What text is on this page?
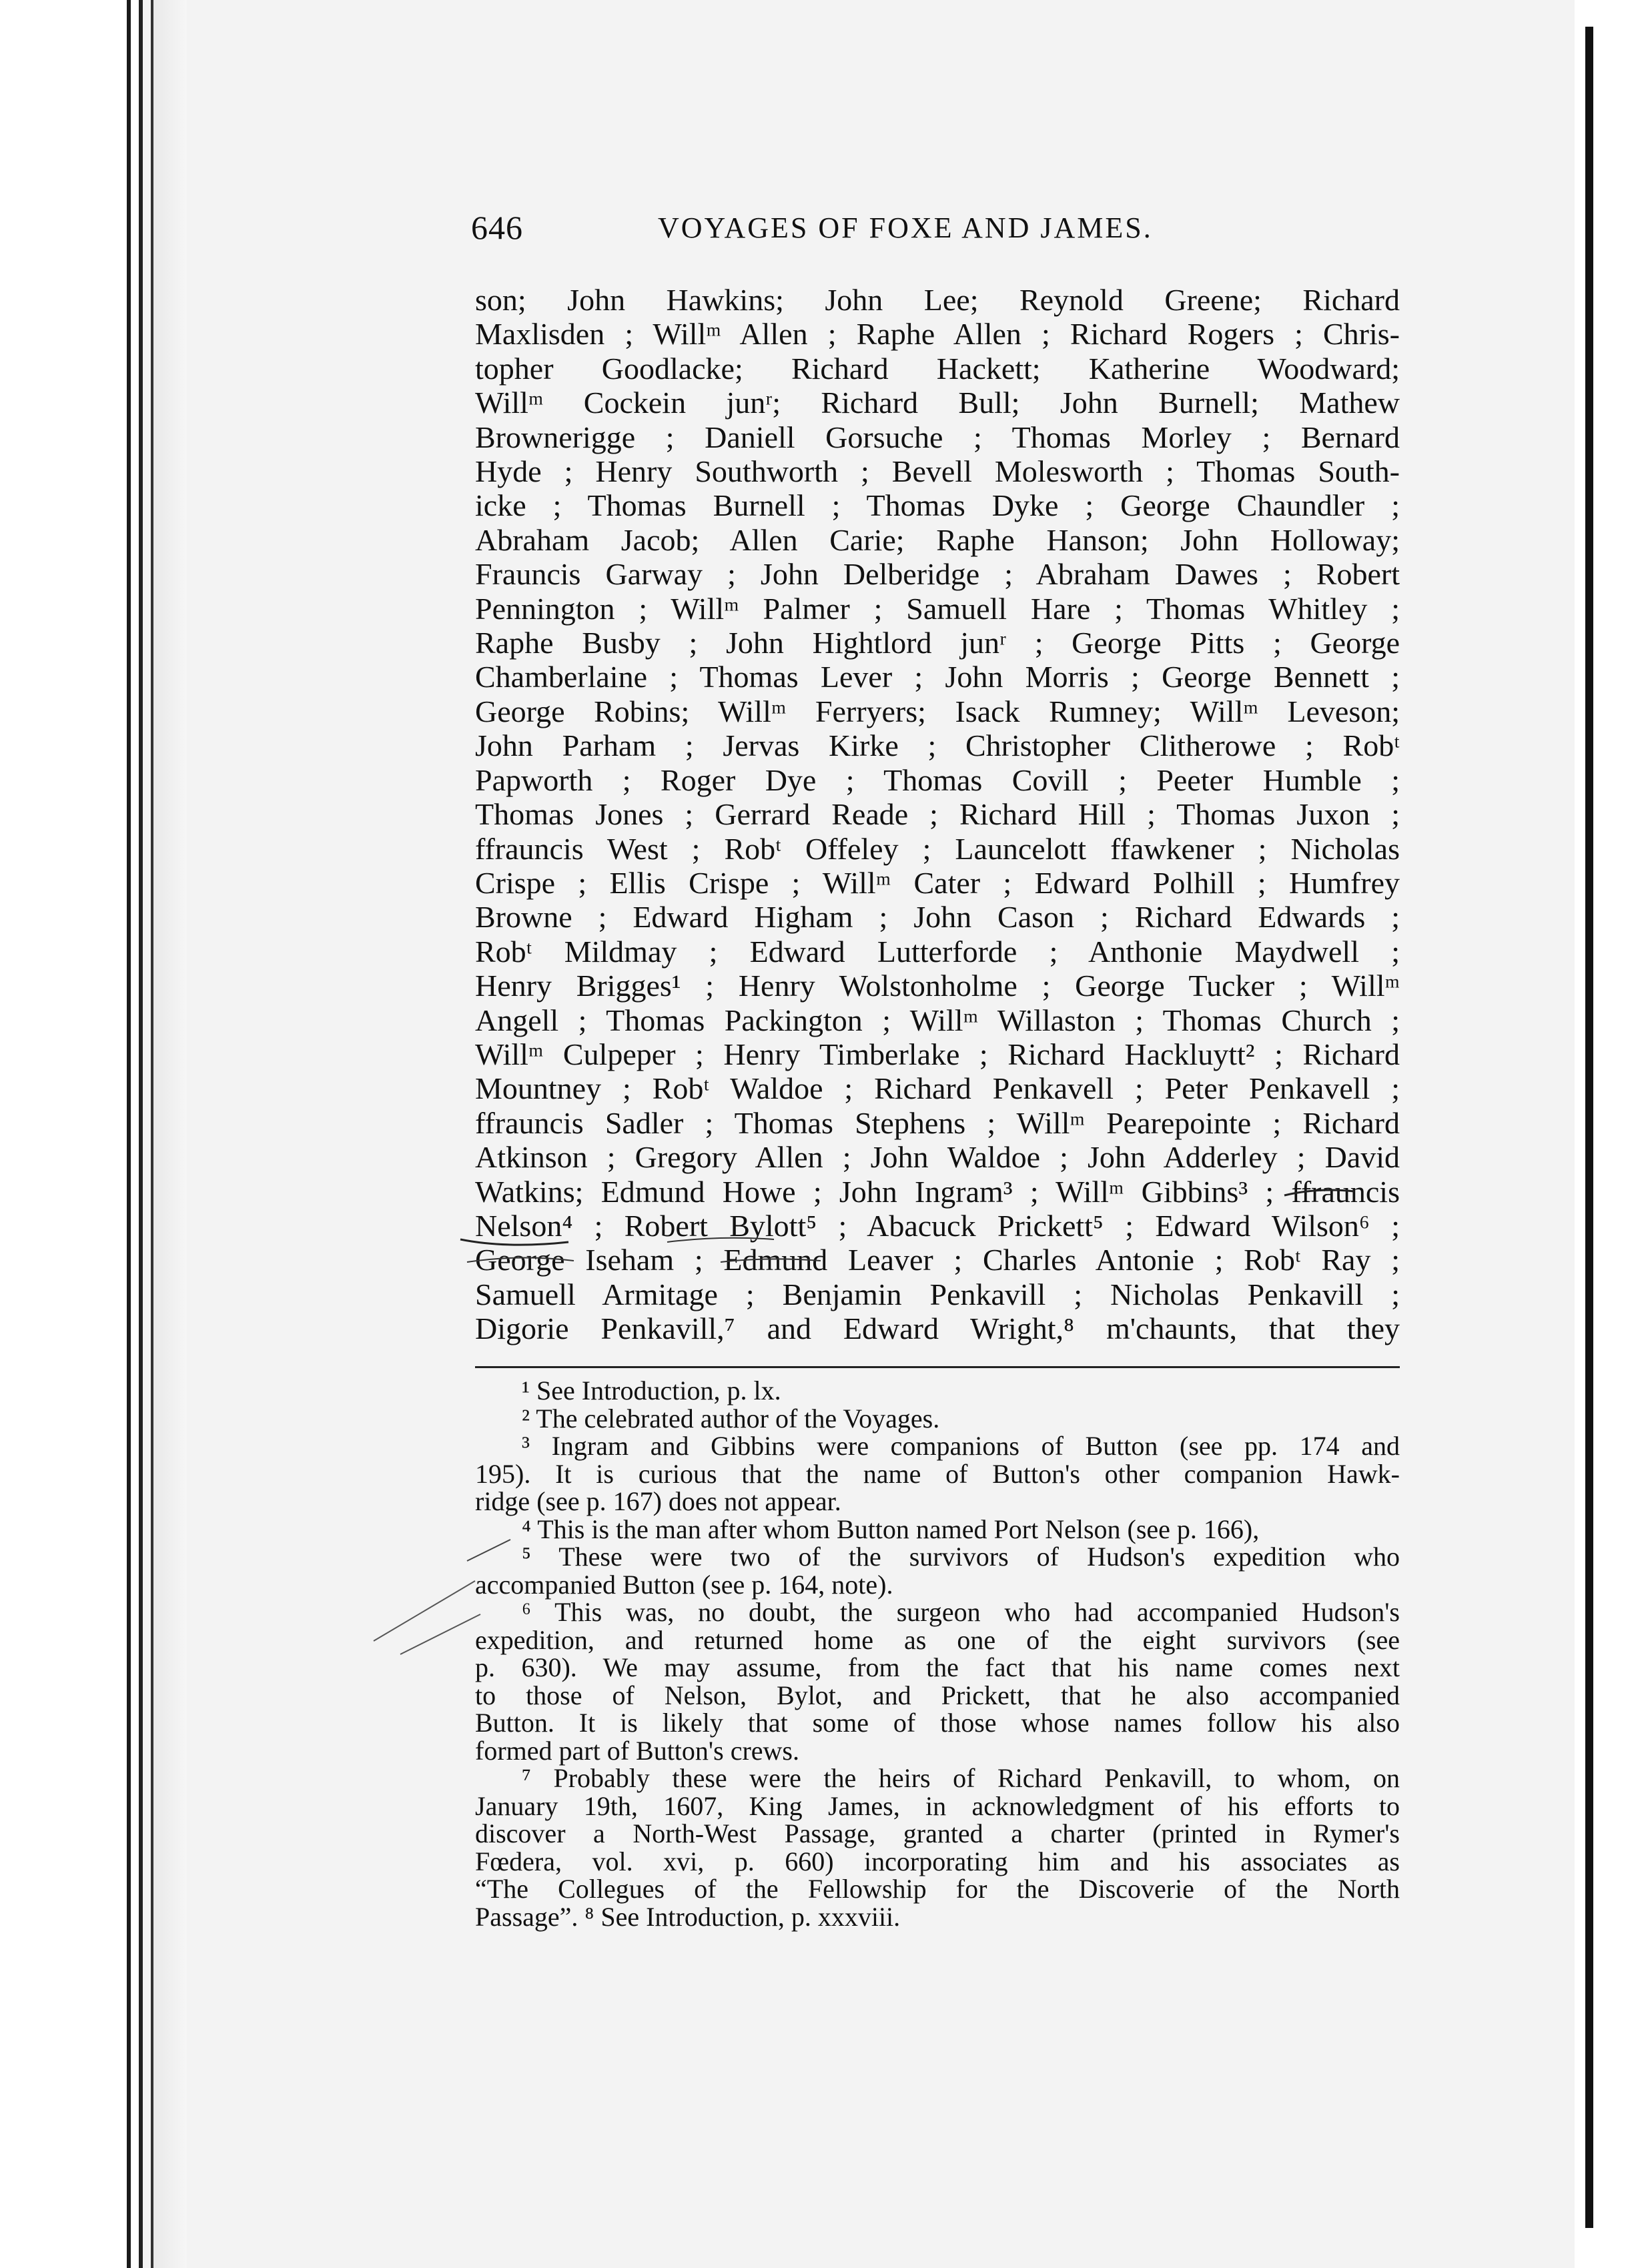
646	VOYAGES OF FOXE AND JAMES.
son; John Hawkins; John Lee; Reynold Greene; Richard
Maxlisden ; Willᵐ Allen ; Raphe Allen ; Richard Rogers ; Chris-
topher Goodlacke; Richard Hackett; Katherine Woodward;
Willᵐ Cockein junʳ; Richard Bull; John Burnell; Mathew
Brownerigge ; Daniell Gorsuche ; Thomas Morley ; Bernard
Hyde ; Henry Southworth ; Bevell Molesworth ; Thomas South-
icke ; Thomas Burnell ; Thomas Dyke ; George Chaundler ;
Abraham Jacob; Allen Carie; Raphe Hanson; John Holloway;
Frauncis Garway ; John Delberidge ; Abraham Dawes ; Robert
Pennington ; Willᵐ Palmer ; Samuell Hare ; Thomas Whitley ;
Raphe Busby ; John Hightlord junʳ ; George Pitts ; George
Chamberlaine ; Thomas Lever ; John Morris ; George Bennett ;
George Robins; Willᵐ Ferryers; Isack Rumney; Willᵐ Leveson;
John Parham ; Jervas Kirke ; Christopher Clitherowe ; Robᵗ
Papworth ; Roger Dye ; Thomas Covill ; Peeter Humble ;
Thomas Jones ; Gerrard Reade ; Richard Hill ; Thomas Juxon ;
ffrauncis West ; Robᵗ Offeley ; Launcelott ffawkener ; Nicholas
Crispe ; Ellis Crispe ; Willᵐ Cater ; Edward Polhill ; Humfrey
Browne ; Edward Higham ; John Cason ; Richard Edwards ;
Robᵗ Mildmay ; Edward Lutterforde ; Anthonie Maydwell ;
Henry Brigges¹ ; Henry Wolstonholme ; George Tucker ; Willᵐ
Angell ; Thomas Packington ; Willᵐ Willaston ; Thomas Church ;
Willᵐ Culpeper ; Henry Timberlake ; Richard Hackluytt² ; Richard
Mountney ; Robᵗ Waldoe ; Richard Penkavell ; Peter Penkavell ;
ffrauncis Sadler ; Thomas Stephens ; Willᵐ Pearepointe ; Richard
Atkinson ; Gregory Allen ; John Waldoe ; John Adderley ; David
Watkins; Edmund Howe ; John Ingram³ ; Willᵐ Gibbins³ ; ffrauncis
Nelson⁴ ; Robert Bylott⁵ ; Abacuck Prickett⁵ ; Edward Wilson⁶ ;
George Iseham ; Edmund Leaver ; Charles Antonie ; Robᵗ Ray ;
Samuell Armitage ; Benjamin Penkavill ; Nicholas Penkavill ;
Digorie Penkavill,⁷ and Edward Wright,⁸ m'chaunts, that they
¹ See Introduction, p. lx.
² The celebrated author of the Voyages.
³ Ingram and Gibbins were companions of Button (see pp. 174 and
195). It is curious that the name of Button's other companion Hawk-
ridge (see p. 167) does not appear.
⁴ This is the man after whom Button named Port Nelson (see p. 166),
⁵ These were two of the survivors of Hudson's expedition who
accompanied Button (see p. 164, note).
⁶ This was, no doubt, the surgeon who had accompanied Hudson's
expedition, and returned home as one of the eight survivors (see
p. 630). We may assume, from the fact that his name comes next
to those of Nelson, Bylot, and Prickett, that he also accompanied
Button. It is likely that some of those whose names follow his also
formed part of Button's crews.
⁷ Probably these were the heirs of Richard Penkavill, to whom, on
January 19th, 1607, King James, in acknowledgment of his efforts to
discover a North-West Passage, granted a charter (printed in Rymer's
Fœdera, vol. xvi, p. 660) incorporating him and his associates as
“The Collegues of the Fellowship for the Discoverie of the North
Passage”. ⁸ See Introduction, p. xxxviii.
